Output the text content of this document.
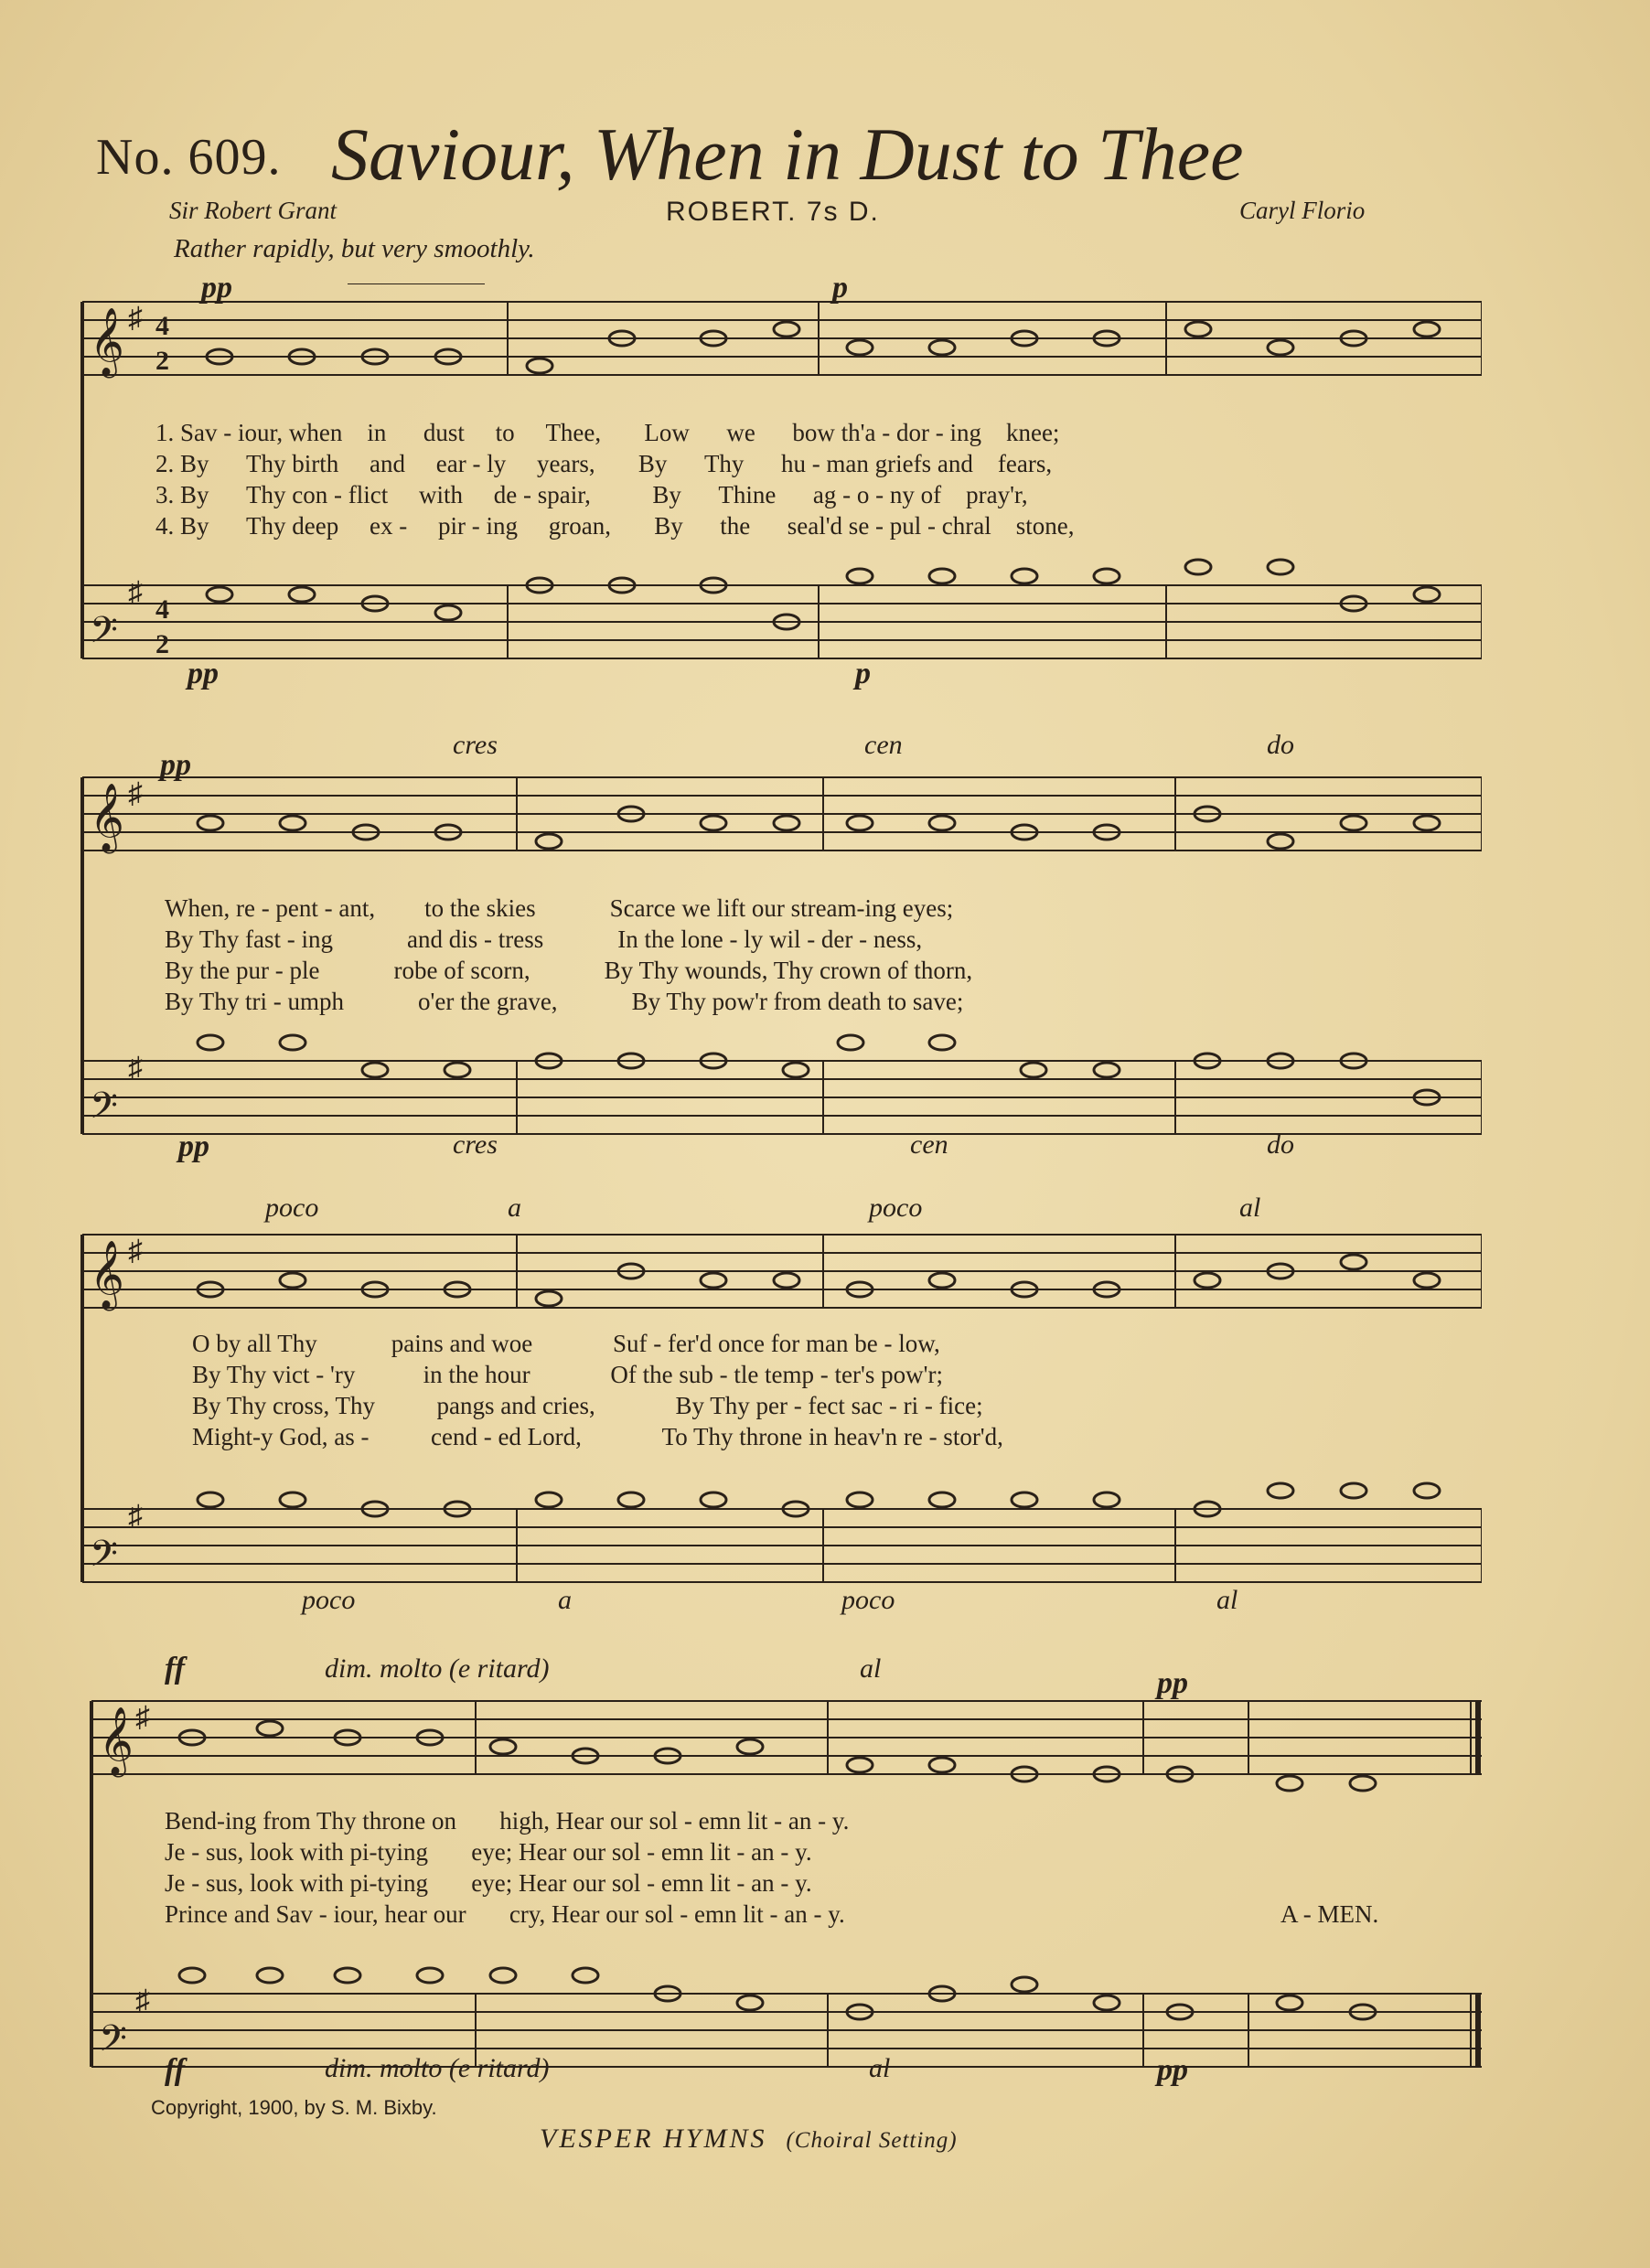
No. 609. Saviour, When in Dust to Thee
Sir Robert Grant	ROBERT. 7s D.	Caryl Florio
Rather rapidly, but very smoothly.
𝄞
𝄢
♯
♯
4
2
4
2
pp	p
pp	p
1. Sav - iour, when in dust to Thee, Low we bow th'a - dor - ing knee;
2. By Thy birth and ear - ly years, By Thy hu - man griefs and fears,
3. By Thy con - flict with de - spair,	By Thine ag - o - ny of pray'r,
4. By Thy deep ex - pir - ing groan, By the seal'd se - pul - chral stone,
𝄞
𝄢
♯
♯
pp
cres	cen	do
pp	cres	cen	do
When, re - pent - ant, to the skies	Scarce we lift our stream-ing eyes;
By Thy fast - ing	and dis - tress	In the lone - ly wil - der - ness,
By the pur - ple	robe of scorn,	By Thy wounds, Thy crown of thorn,
By Thy tri - umph	o'er the grave,	By Thy pow'r from death to save;
𝄞
𝄢
♯
♯
poco	a	poco	al
poco	a	poco	al
O by all Thy	pains and woe	Suf - fer'd once for man be - low,
By Thy vict - 'ry	in the hour	Of the sub - tle temp - ter's pow'r;
By Thy cross, Thy	pangs and cries,	By Thy per - fect sac - ri - fice;
Might-y God, as -	cend - ed Lord,	To Thy throne in heav'n re - stor'd,
𝄞
𝄢
♯
♯
ff	dim. molto (e ritard)	al	pp
ff	dim. molto (e ritard)	al	pp
Bend-ing from Thy throne on high, Hear our sol - emn lit - an - y.
Je - sus, look with pi-tying eye; Hear our sol - emn lit - an - y.
Je - sus, look with pi-tying eye; Hear our sol - emn lit - an - y.
Prince and Sav - iour, hear our cry, Hear our sol - emn lit - an - y.	A - MEN.
Copyright, 1900, by S. M. Bixby.
VESPER HYMNS (Choiral Setting)
